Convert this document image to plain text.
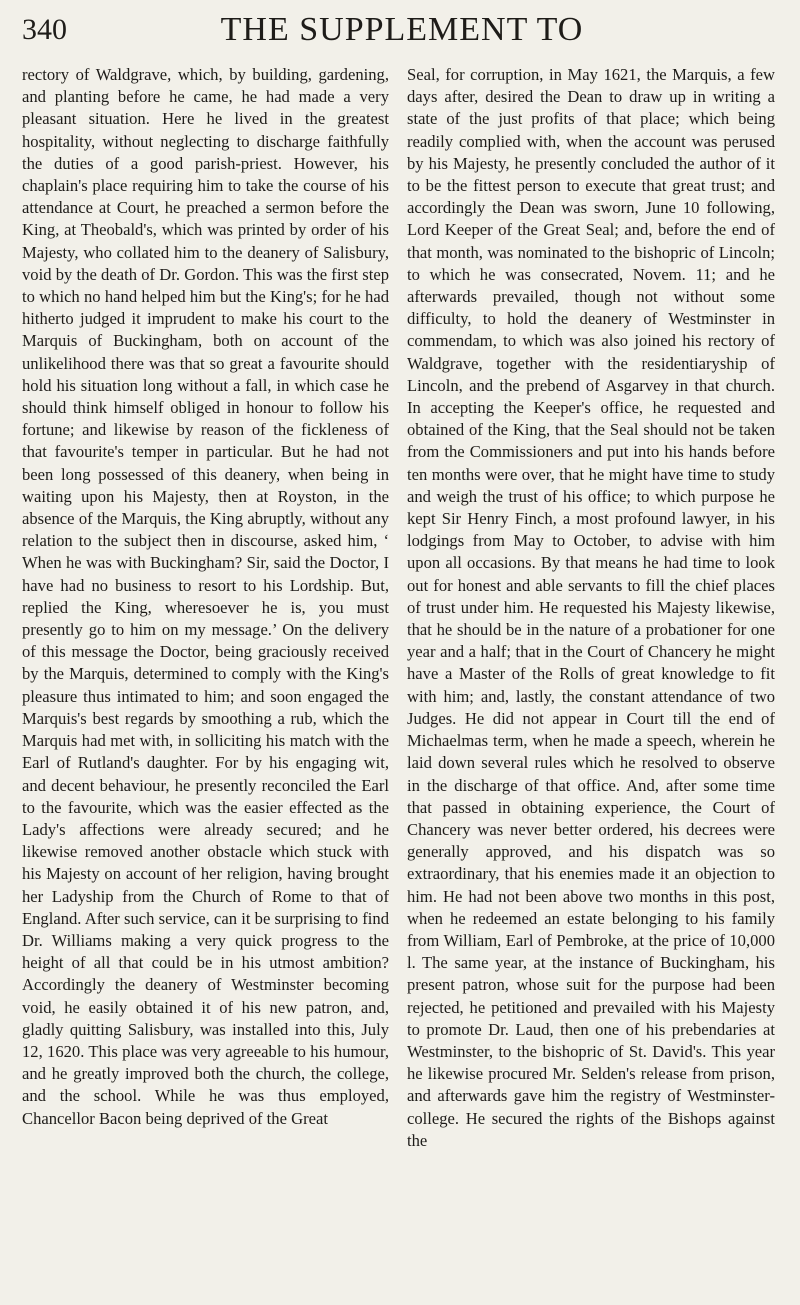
340	THE SUPPLEMENT TO

rectory of Waldgrave, which, by building, gardening, and planting before he came, he had made a very pleasant situation. Here he lived in the greatest hospitality, without neglecting to discharge faithfully the duties of a good parish-priest. However, his chaplain's place requiring him to take the course of his attendance at Court, he preached a sermon before the King, at Theobald's, which was printed by order of his Majesty, who collated him to the deanery of Salisbury, void by the death of Dr. Gordon. This was the first step to which no hand helped him but the King's; for he had hitherto judged it imprudent to make his court to the Marquis of Buckingham, both on account of the unlikelihood there was that so great a favourite should hold his situation long without a fall, in which case he should think himself obliged in honour to follow his fortune; and likewise by reason of the fickleness of that favourite's temper in particular. But he had not been long possessed of this deanery, when being in waiting upon his Majesty, then at Royston, in the absence of the Marquis, the King abruptly, without any relation to the subject then in discourse, asked him, ‘ When he was with Buckingham? Sir, said the Doctor, I have had no business to resort to his Lordship. But, replied the King, wheresoever he is, you must presently go to him on my message.’ On the delivery of this message the Doctor, being graciously received by the Marquis, determined to comply with the King's pleasure thus intimated to him; and soon engaged the Marquis's best regards by smoothing a rub, which the Marquis had met with, in solliciting his match with the Earl of Rutland's daughter. For by his engaging wit, and decent behaviour, he presently reconciled the Earl to the favourite, which was the easier effected as the Lady's affections were already secured; and he likewise removed another obstacle which stuck with his Majesty on account of her religion, having brought her Ladyship from the Church of Rome to that of England. After such service, can it be surprising to find Dr. Williams making a very quick progress to the height of all that could be in his utmost ambition? Accordingly the deanery of Westminster becoming void, he easily obtained it of his new patron, and, gladly quitting Salisbury, was installed into this, July 12, 1620. This place was very agreeable to his humour, and he greatly improved both the church, the college, and the school. While he was thus employed, Chancellor Bacon being deprived of the Great

Seal, for corruption, in May 1621, the Marquis, a few days after, desired the Dean to draw up in writing a state of the just profits of that place; which being readily complied with, when the account was perused by his Majesty, he presently concluded the author of it to be the fittest person to execute that great trust; and accordingly the Dean was sworn, June 10 following, Lord Keeper of the Great Seal; and, before the end of that month, was nominated to the bishopric of Lincoln; to which he was consecrated, Novem. 11; and he afterwards prevailed, though not without some difficulty, to hold the deanery of Westminster in commendam, to which was also joined his rectory of Waldgrave, together with the residentiaryship of Lincoln, and the prebend of Asgarvey in that church. In accepting the Keeper's office, he requested and obtained of the King, that the Seal should not be taken from the Commissioners and put into his hands before ten months were over, that he might have time to study and weigh the trust of his office; to which purpose he kept Sir Henry Finch, a most profound lawyer, in his lodgings from May to October, to advise with him upon all occasions. By that means he had time to look out for honest and able servants to fill the chief places of trust under him. He requested his Majesty likewise, that he should be in the nature of a probationer for one year and a half; that in the Court of Chancery he might have a Master of the Rolls of great knowledge to fit with him; and, lastly, the constant attendance of two Judges. He did not appear in Court till the end of Michaelmas term, when he made a speech, wherein he laid down several rules which he resolved to observe in the discharge of that office. And, after some time that passed in obtaining experience, the Court of Chancery was never better ordered, his decrees were generally approved, and his dispatch was so extraordinary, that his enemies made it an objection to him. He had not been above two months in this post, when he redeemed an estate belonging to his family from William, Earl of Pembroke, at the price of 10,000 l. The same year, at the instance of Buckingham, his present patron, whose suit for the purpose had been rejected, he petitioned and prevailed with his Majesty to promote Dr. Laud, then one of his prebendaries at Westminster, to the bishopric of St. David's. This year he likewise procured Mr. Selden's release from prison, and afterwards gave him the registry of Westminster-college. He secured the rights of the Bishops against the
